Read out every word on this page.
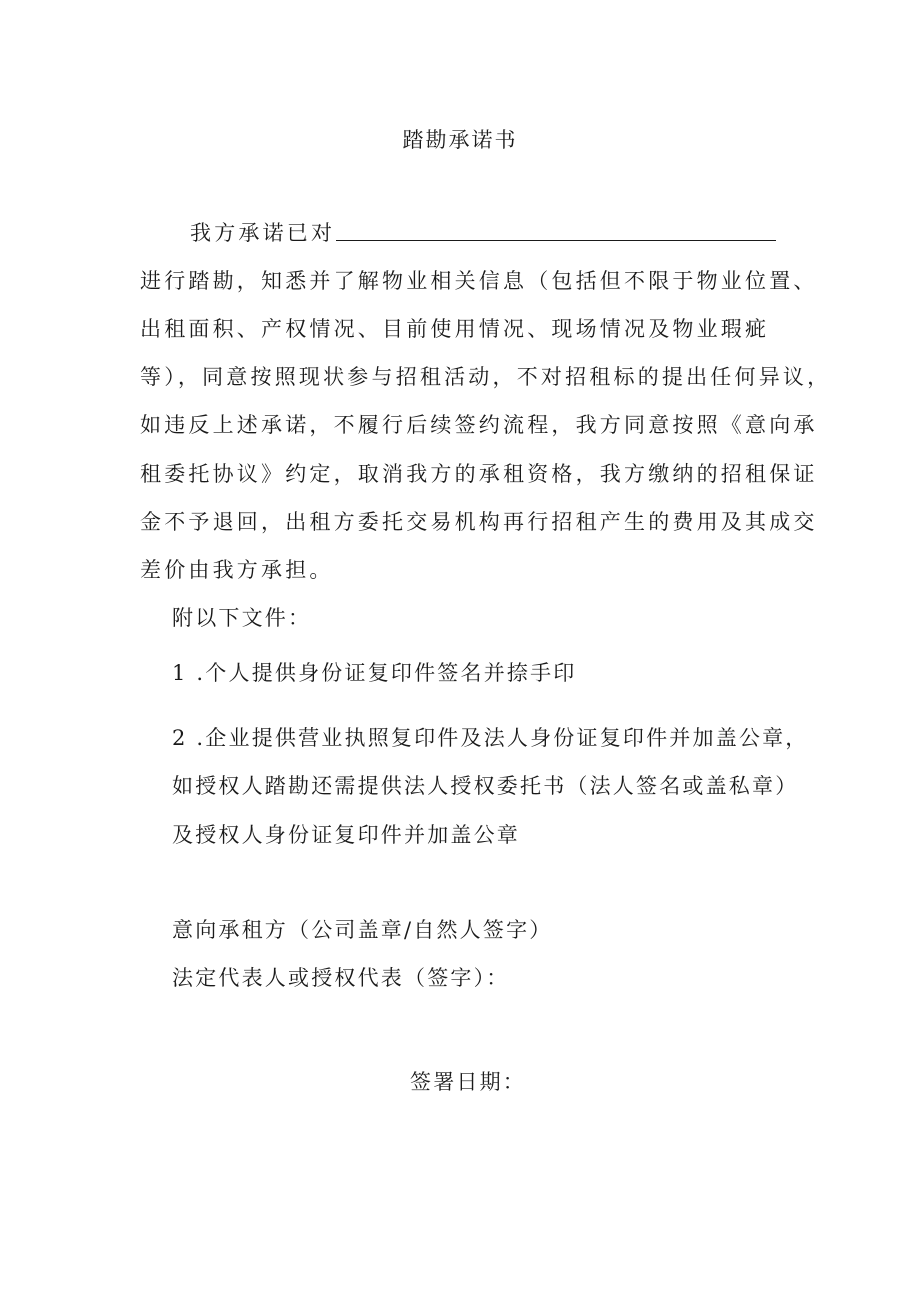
踏勘承诺书

我方承诺已对

进行踏勘，知悉并了解物业相关信息（包括但不限于物业位置、

出租面积、产权情况、目前使用情况、现场情况及物业瑕疵

等），同意按照现状参与招租活动，不对招租标的提出任何异议，

如违反上述承诺，不履行后续签约流程，我方同意按照《意向承

租委托协议》约定，取消我方的承租资格，我方缴纳的招租保证

金不予退回，出租方委托交易机构再行招租产生的费用及其成交

差价由我方承担。

附以下文件：

1 .个人提供身份证复印件签名并捺手印

2 .企业提供营业执照复印件及法人身份证复印件并加盖公章，

如授权人踏勘还需提供法人授权委托书（法人签名或盖私章）

及授权人身份证复印件并加盖公章

意向承租方（公司盖章/自然人签字）

法定代表人或授权代表（签字）：

签署日期：
